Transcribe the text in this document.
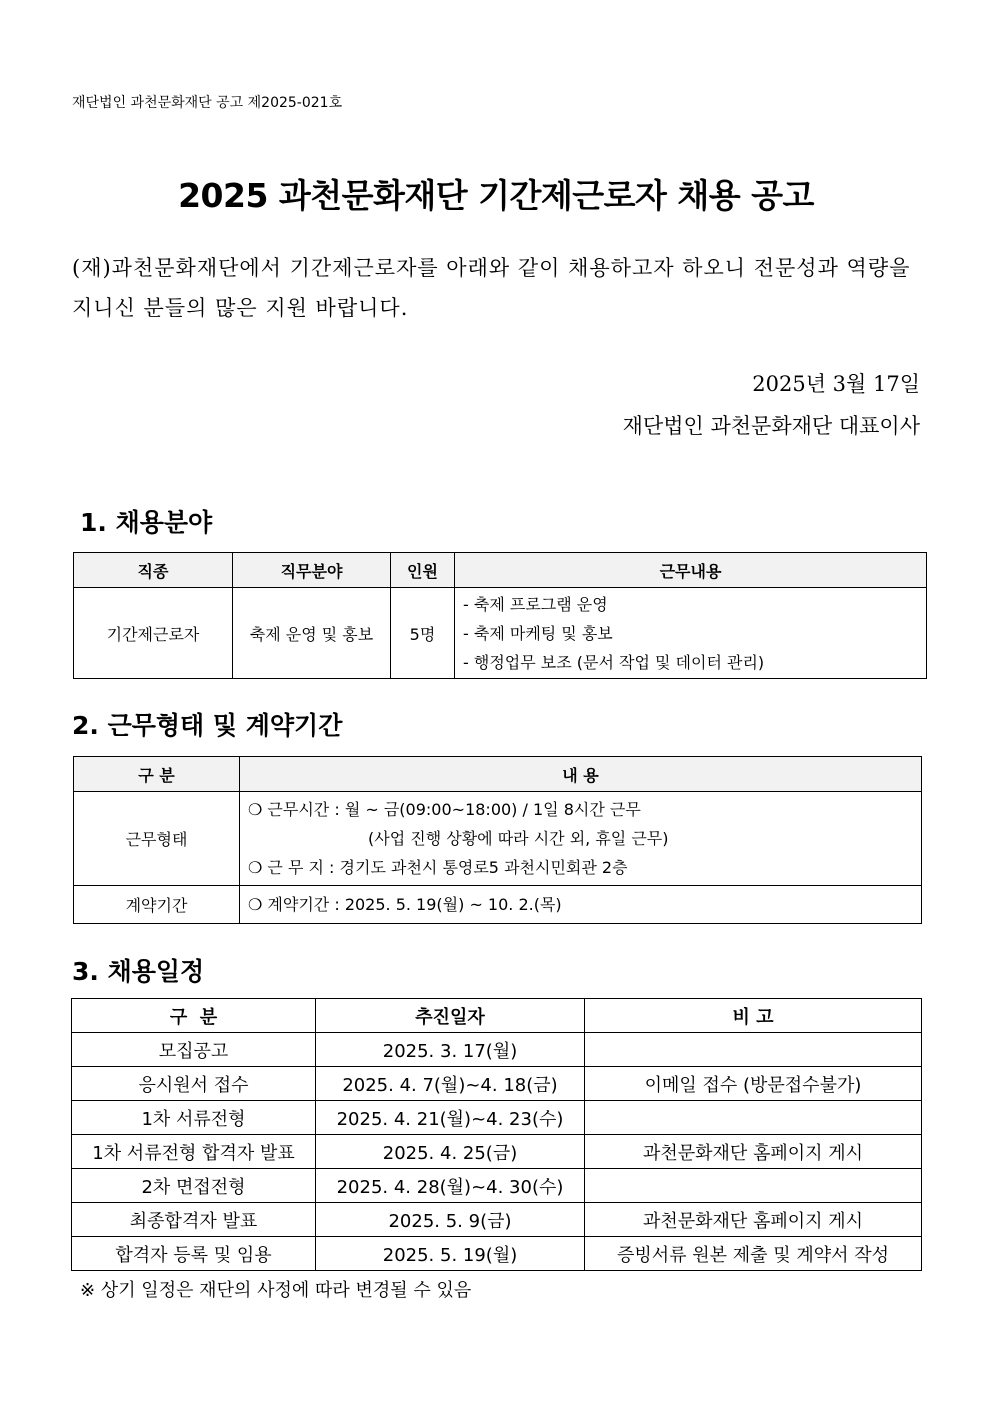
재단법인 과천문화재단 공고 제2025-021호
2025 과천문화재단 기간제근로자 채용 공고
(재)과천문화재단에서 기간제근로자를 아래와 같이 채용하고자 하오니 전문성과 역량을 지니신 분들의 많은 지원 바랍니다.
2025년 3월 17일
재단법인 과천문화재단 대표이사
1. 채용분야
직종	직무분야	인원	근무내용
기간제근로자	축제 운영 및 홍보	5명	- 축제 프로그램 운영
- 축제 마케팅 및 홍보
- 행정업무 보조 (문서 작업 및 데이터 관리)
2. 근무형태 및 계약기간
구 분	내 용
근무형태	❍ 근무시간 : 월 ~ 금(09:00~18:00) / 1일 8시간 근무
(사업 진행 상황에 따라 시간 외, 휴일 근무)
❍ 근 무 지 : 경기도 과천시 통영로5 과천시민회관 2층

계약기간	❍ 계약기간 : 2025. 5. 19(월) ~ 10. 2.(목)
3. 채용일정
구  분	추진일자	비 고
모집공고	2025. 3. 17(월)	
응시원서 접수	2025. 4. 7(월)~4. 18(금)	이메일 접수 (방문접수불가)
1차 서류전형	2025. 4. 21(월)~4. 23(수)	
1차 서류전형 합격자 발표	2025. 4. 25(금)	과천문화재단 홈페이지 게시
2차 면접전형	2025. 4. 28(월)~4. 30(수)	
최종합격자 발표	2025. 5. 9(금)	과천문화재단 홈페이지 게시
합격자 등록 및 임용	2025. 5. 19(월)	증빙서류 원본 제출 및 계약서 작성
※ 상기 일정은 재단의 사정에 따라 변경될 수 있음
